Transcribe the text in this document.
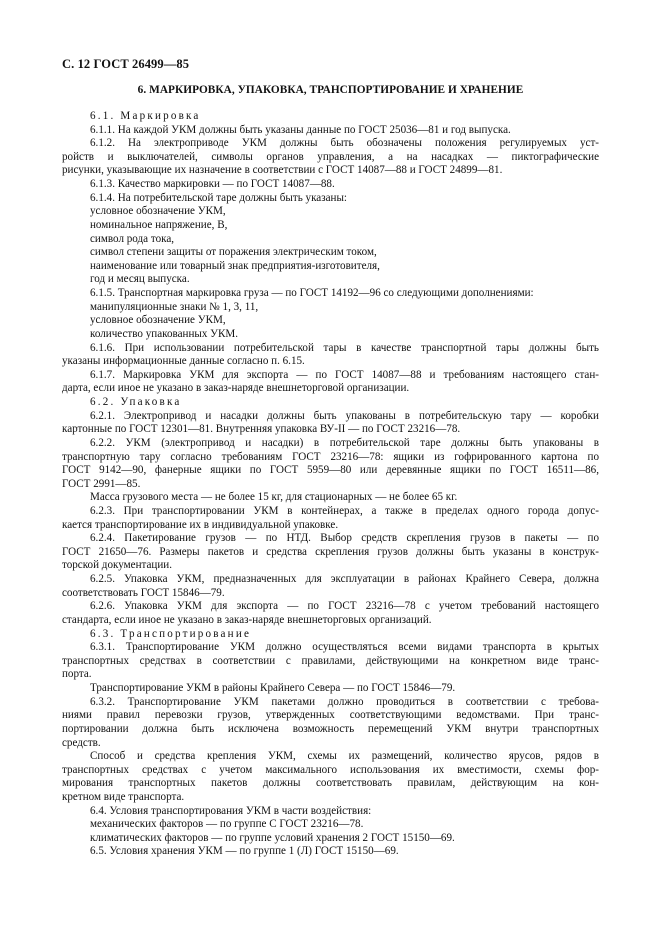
С. 12 ГОСТ 26499—85
6. МАРКИРОВКА, УПАКОВКА, ТРАНСПОРТИРОВАНИЕ И ХРАНЕНИЕ
6.1. Маркировка
6.1.1. На каждой УКМ должны быть указаны данные по ГОСТ 25036—81 и год выпуска.
6.1.2. На электроприводе УКМ должны быть обозначены положения регулируемых уст-
ройств и выключателей, символы органов управления, а на насадках — пиктографические
рисунки, указывающие их назначение в соответствии с ГОСТ 14087—88 и ГОСТ 24899—81.
6.1.3. Качество маркировки — по ГОСТ 14087—88.
6.1.4. На потребительской таре должны быть указаны:
условное обозначение УКМ,
номинальное напряжение, В,
символ рода тока,
символ степени защиты от поражения электрическим током,
наименование или товарный знак предприятия-изготовителя,
год и месяц выпуска.
6.1.5. Транспортная маркировка груза — по ГОСТ 14192—96 со следующими дополнениями:
манипуляционные знаки № 1, 3, 11,
условное обозначение УКМ,
количество упакованных УКМ.
6.1.6. При использовании потребительской тары в качестве транспортной тары должны быть
указаны информационные данные согласно п. 6.15.
6.1.7. Маркировка УКМ для экспорта — по ГОСТ 14087—88 и требованиям настоящего стан-
дарта, если иное не указано в заказ-наряде внешнеторговой организации.
6.2. Упаковка
6.2.1. Электропривод и насадки должны быть упакованы в потребительскую тару — коробки
картонные по ГОСТ 12301—81. Внутренняя упаковка ВУ-II — по ГОСТ 23216—78.
6.2.2. УКМ (электропривод и насадки) в потребительской таре должны быть упакованы в
транспортную тару согласно требованиям ГОСТ 23216—78: ящики из гофрированного картона по
ГОСТ 9142—90, фанерные ящики по ГОСТ 5959—80 или деревянные ящики по ГОСТ 16511—86,
ГОСТ 2991—85.
Масса грузового места — не более 15 кг, для стационарных — не более 65 кг.
6.2.3. При транспортировании УКМ в контейнерах, а также в пределах одного города допус-
кается транспортирование их в индивидуальной упаковке.
6.2.4. Пакетирование грузов — по НТД. Выбор средств скрепления грузов в пакеты — по
ГОСТ 21650—76. Размеры пакетов и средства скрепления грузов должны быть указаны в конструк-
торской документации.
6.2.5. Упаковка УКМ, предназначенных для эксплуатации в районах Крайнего Севера, должна
соответствовать ГОСТ 15846—79.
6.2.6. Упаковка УКМ для экспорта — по ГОСТ 23216—78 с учетом требований настоящего
стандарта, если иное не указано в заказ-наряде внешнеторговых организаций.
6.3. Транспортирование
6.3.1. Транспортирование УКМ должно осуществляться всеми видами транспорта в крытых
транспортных средствах в соответствии с правилами, действующими на конкретном виде транс-
порта.
Транспортирование УКМ в районы Крайнего Севера — по ГОСТ 15846—79.
6.3.2. Транспортирование УКМ пакетами должно проводиться в соответствии с требова-
ниями правил перевозки грузов, утвержденных соответствующими ведомствами. При транс-
портировании должна быть исключена возможность перемещений УКМ внутри транспортных
средств.
Способ и средства крепления УКМ, схемы их размещений, количество ярусов, рядов в
транспортных средствах с учетом максимального использования их вместимости, схемы фор-
мирования транспортных пакетов должны соответствовать правилам, действующим на кон-
кретном виде транспорта.
6.4. Условия транспортирования УКМ в части воздействия:
механических факторов — по группе С ГОСТ 23216—78.
климатических факторов — по группе условий хранения 2 ГОСТ 15150—69.
6.5. Условия хранения УКМ — по группе 1 (Л) ГОСТ 15150—69.
